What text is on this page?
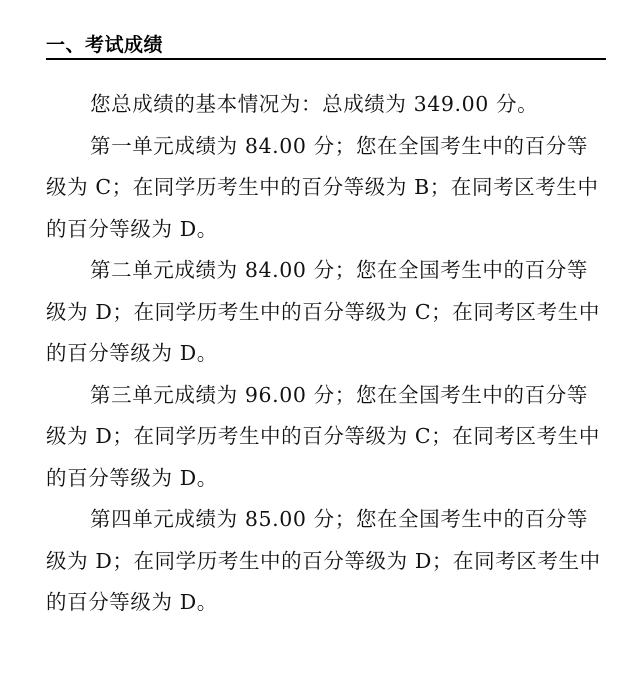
一、考试成绩

您总成绩的基本情况为：总成绩为 349.00 分。

第一单元成绩为 84.00 分；您在全国考生中的百分等
级为 C；在同学历考生中的百分等级为 B；在同考区考生中
的百分等级为 D。

第二单元成绩为 84.00 分；您在全国考生中的百分等
级为 D；在同学历考生中的百分等级为 C；在同考区考生中
的百分等级为 D。

第三单元成绩为 96.00 分；您在全国考生中的百分等
级为 D；在同学历考生中的百分等级为 C；在同考区考生中
的百分等级为 D。

第四单元成绩为 85.00 分；您在全国考生中的百分等
级为 D；在同学历考生中的百分等级为 D；在同考区考生中
的百分等级为 D。
